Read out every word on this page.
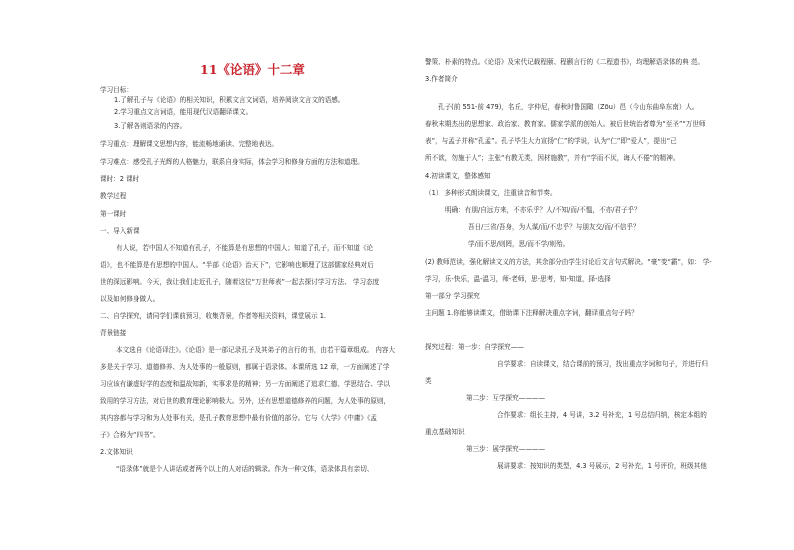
11《论语》十二章
学习目标：
1.了解孔子与《论语》的相关知识，积累文言文词语，培养阅读文言文的语感。
2.学习重点文言词语，能用现代汉语翻译课文。
3.了解各则语录的内容。
学习重点：理解课文思想内容，能流畅地诵读、完整地表达。
学习难点：感受孔子光辉的人格魅力，联系自身实际，体会学习和修身方面的方法和道理。
课时：2 课时
教学过程
第一课时
一、导入新课
有人说，若中国人不知道有孔子，不能算是有思想的中国人；知道了孔子，而不知道《论
语》，也不能算是有思想的中国人。“半部《论语》治天下”，它影响也顺理了这部儒家经典对后
世的深远影响。今天，我让我们走近孔子，随着这位“万世师表”一起去探讨学习方法、 学习态度
以及如何修身做人。
二、自学探究，请同学们课前预习，收集背景，作者等相关资料，课堂展示 1.
背景链接
本文选自《论语译注》。《论语》是一部记录孔子及其弟子的言行的书，由若干篇章组成。 内容大
多是关于学习、道德修养、为人处事的一般原则，都属于语录体。本课所选 12 章，一方面阐述了学
习应该有谦虚好学的态度和温故知新，实事求是的精神；另一方面阐述了追求仁德、学思结合、学以
致用的学习方法，对后世的教育理论影响极大。另外，还有思想道德修养的问题，为人处事的原则，
其内容都与学习和为人处事有关，是孔子教育思想中最有价值的部分。它与《大学》《中庸》《孟
子》合称为“四书”。
2.文体知识
“语录体”就是个人讲话或者两个以上的人对话的辑录。作为一种文体，语录体具有亲切、
警策、朴素的特点。《论语》及宋代记载程颐、程颢言行的《二程遗书》，均理解语录体的典 范。
3.作者简介
孔子(前 551-前 479)，名丘，字仲尼，春秋时鲁国陬（Zōu）邑（今山东曲阜东南）人。
春秋末期杰出的思想家、政治家、教育家。儒家学派的创始人。被后世统治者尊为“至圣”“万世师
表”，与孟子并称“孔孟”。孔子毕生大力宣扬“仁”的学说，认为“仁”即“爱人”，提出“己
所不欲，勿施于人”；主张“有教无类，因材施教”，并有“学而不厌，诲人不倦”的精神。
4.初读课文，整体感知
（1） 多种形式朗读课文，注重读音和节奏。
明确：有朋/自远方来，不亦乐乎？人/不知/而/不愠，不亦/君子乎？
吾日/三省/吾身，为人谋/而/不忠乎？与朋友交/而/不信乎？
学/而不思/则罔，思/而不学/则殆。
(2) 教师范读，强化解读文义的方法，其余部分由学生讨论后文言句式解决。“豪”变“霸”，如： 学-
学习，乐-快乐，温-温习，师-老师，思-思考，知-知道，择-选择
第一部分 学习探究
主问题 1.你能够读课文，借助课下注释解决重点字词，翻译重点句子吗？
探究过程：第一步：自学探究——
自学要求：自读课文，结合课前的预习，找出重点字词和句子，并进行归
类
第二步：互学探究————
合作要求：组长主持，4 号讲，3.2 号补充，1 号总结归纳，核定本组的
重点基础知识
第三步：展学探究————
展讲要求：按知识的类型，4.3 号展示，2 号补充，1 号评价，班级其他
